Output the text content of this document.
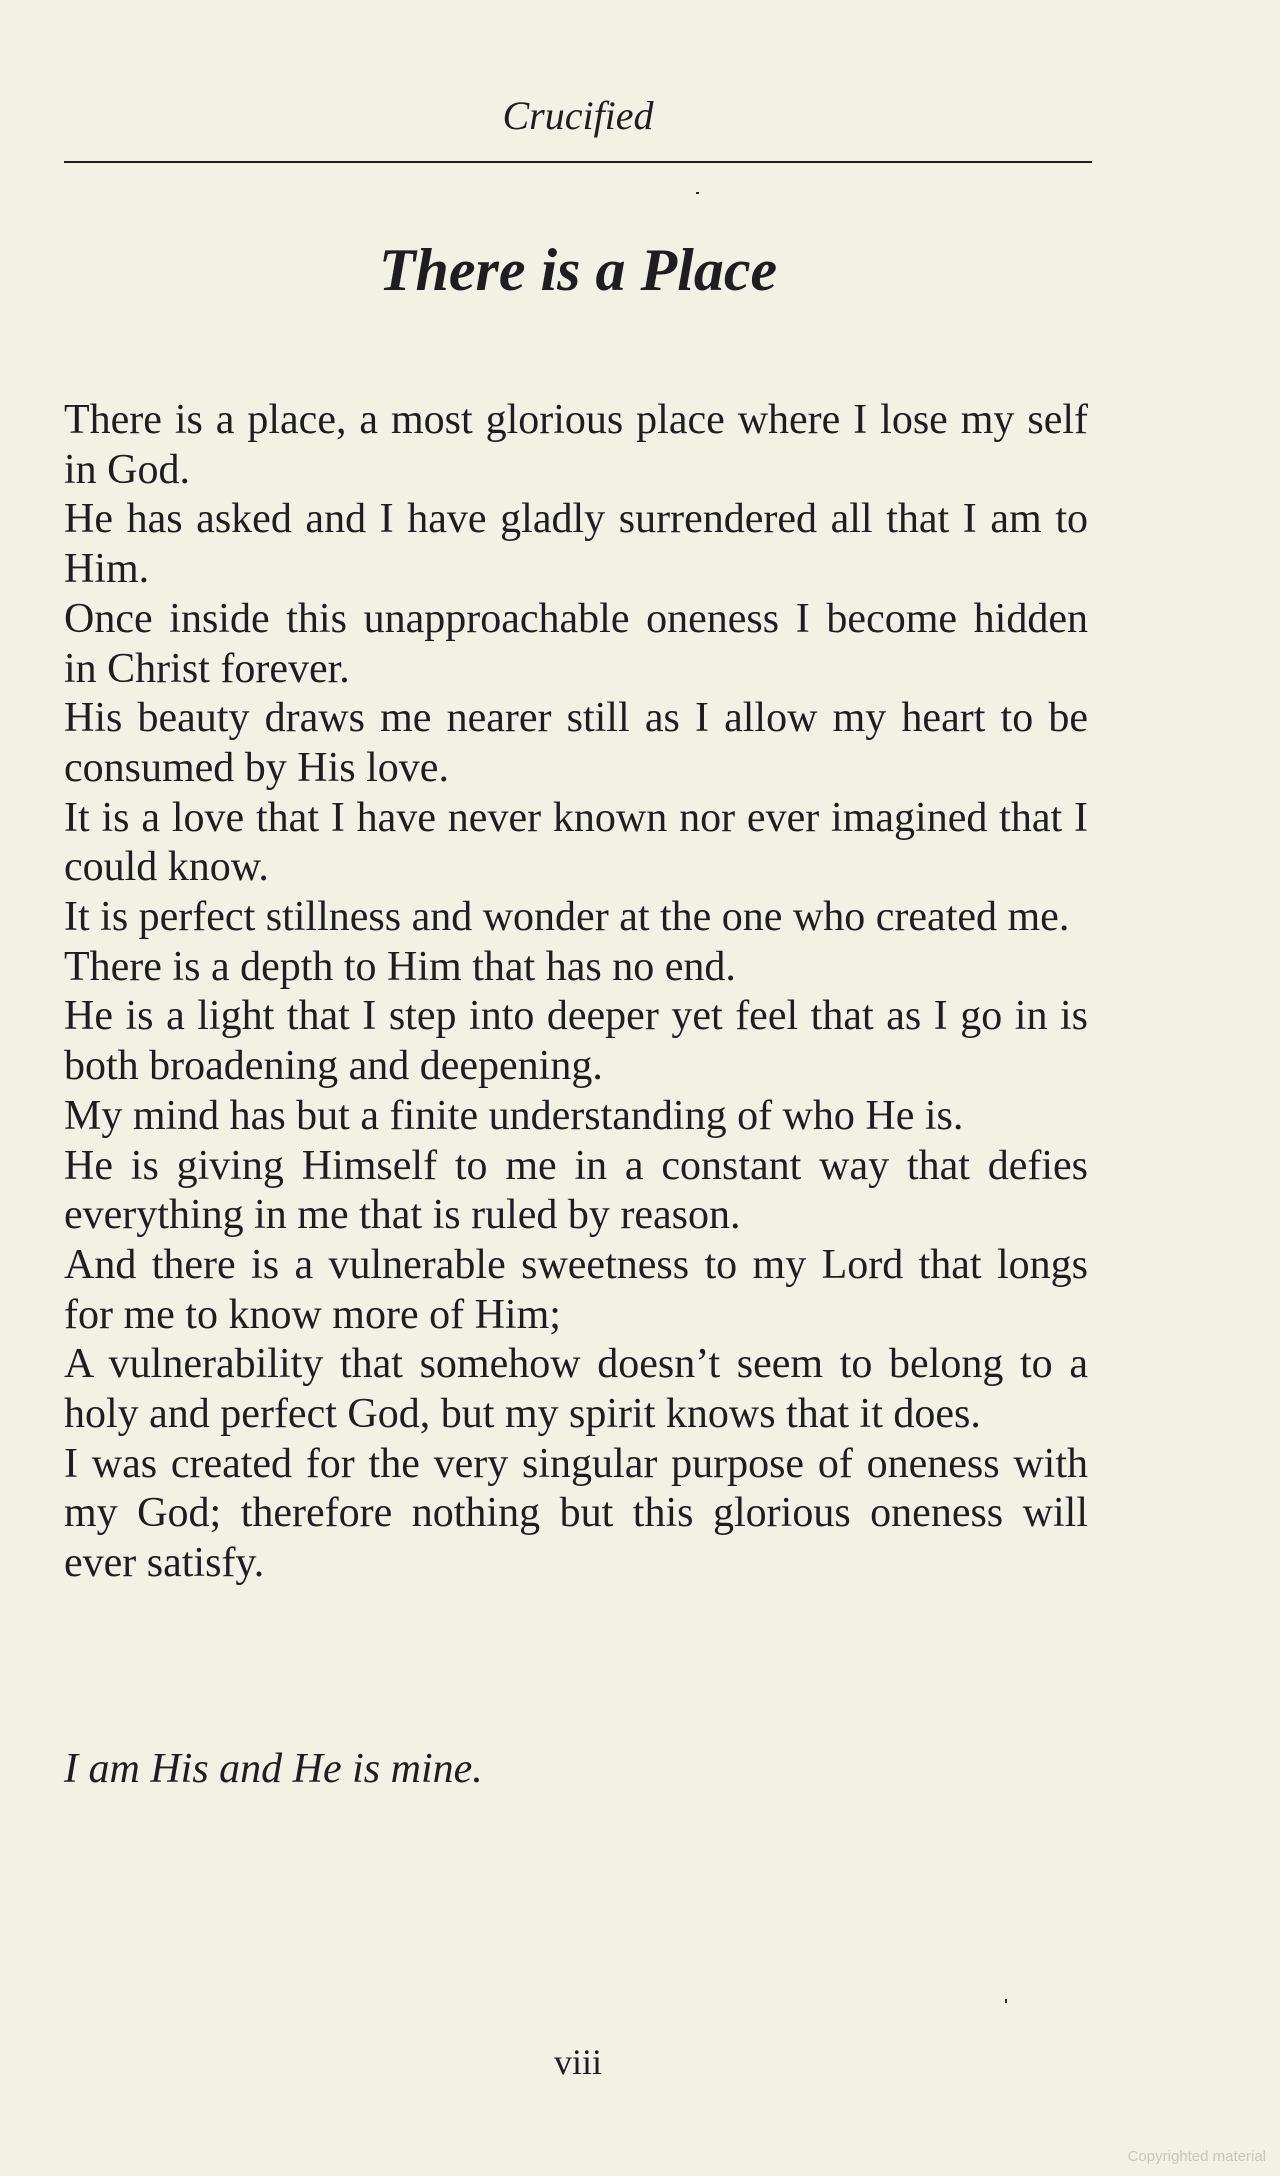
Crucified
There is a Place

There is a place, a most glorious place where I lose my self in God.

He has asked and I have gladly surrendered all that I am to Him.

Once inside this unapproachable oneness I become hidden in Christ forever.

His beauty draws me nearer still as I allow my heart to be consumed by His love.

It is a love that I have never known nor ever imagined that I could know.

It is perfect stillness and wonder at the one who created me.

There is a depth to Him that has no end.

He is a light that I step into deeper yet feel that as I go in is both broadening and deepening.

My mind has but a finite understanding of who He is.

He is giving Himself to me in a constant way that defies everything in me that is ruled by reason.

And there is a vulnerable sweetness to my Lord that longs for me to know more of Him;

A vulnerability that somehow doesn’t seem to belong to a holy and perfect God, but my spirit knows that it does.

I was created for the very singular purpose of oneness with my God; therefore nothing but this glorious oneness will ever satisfy.

I am His and He is mine.

viii
Copyrighted material
